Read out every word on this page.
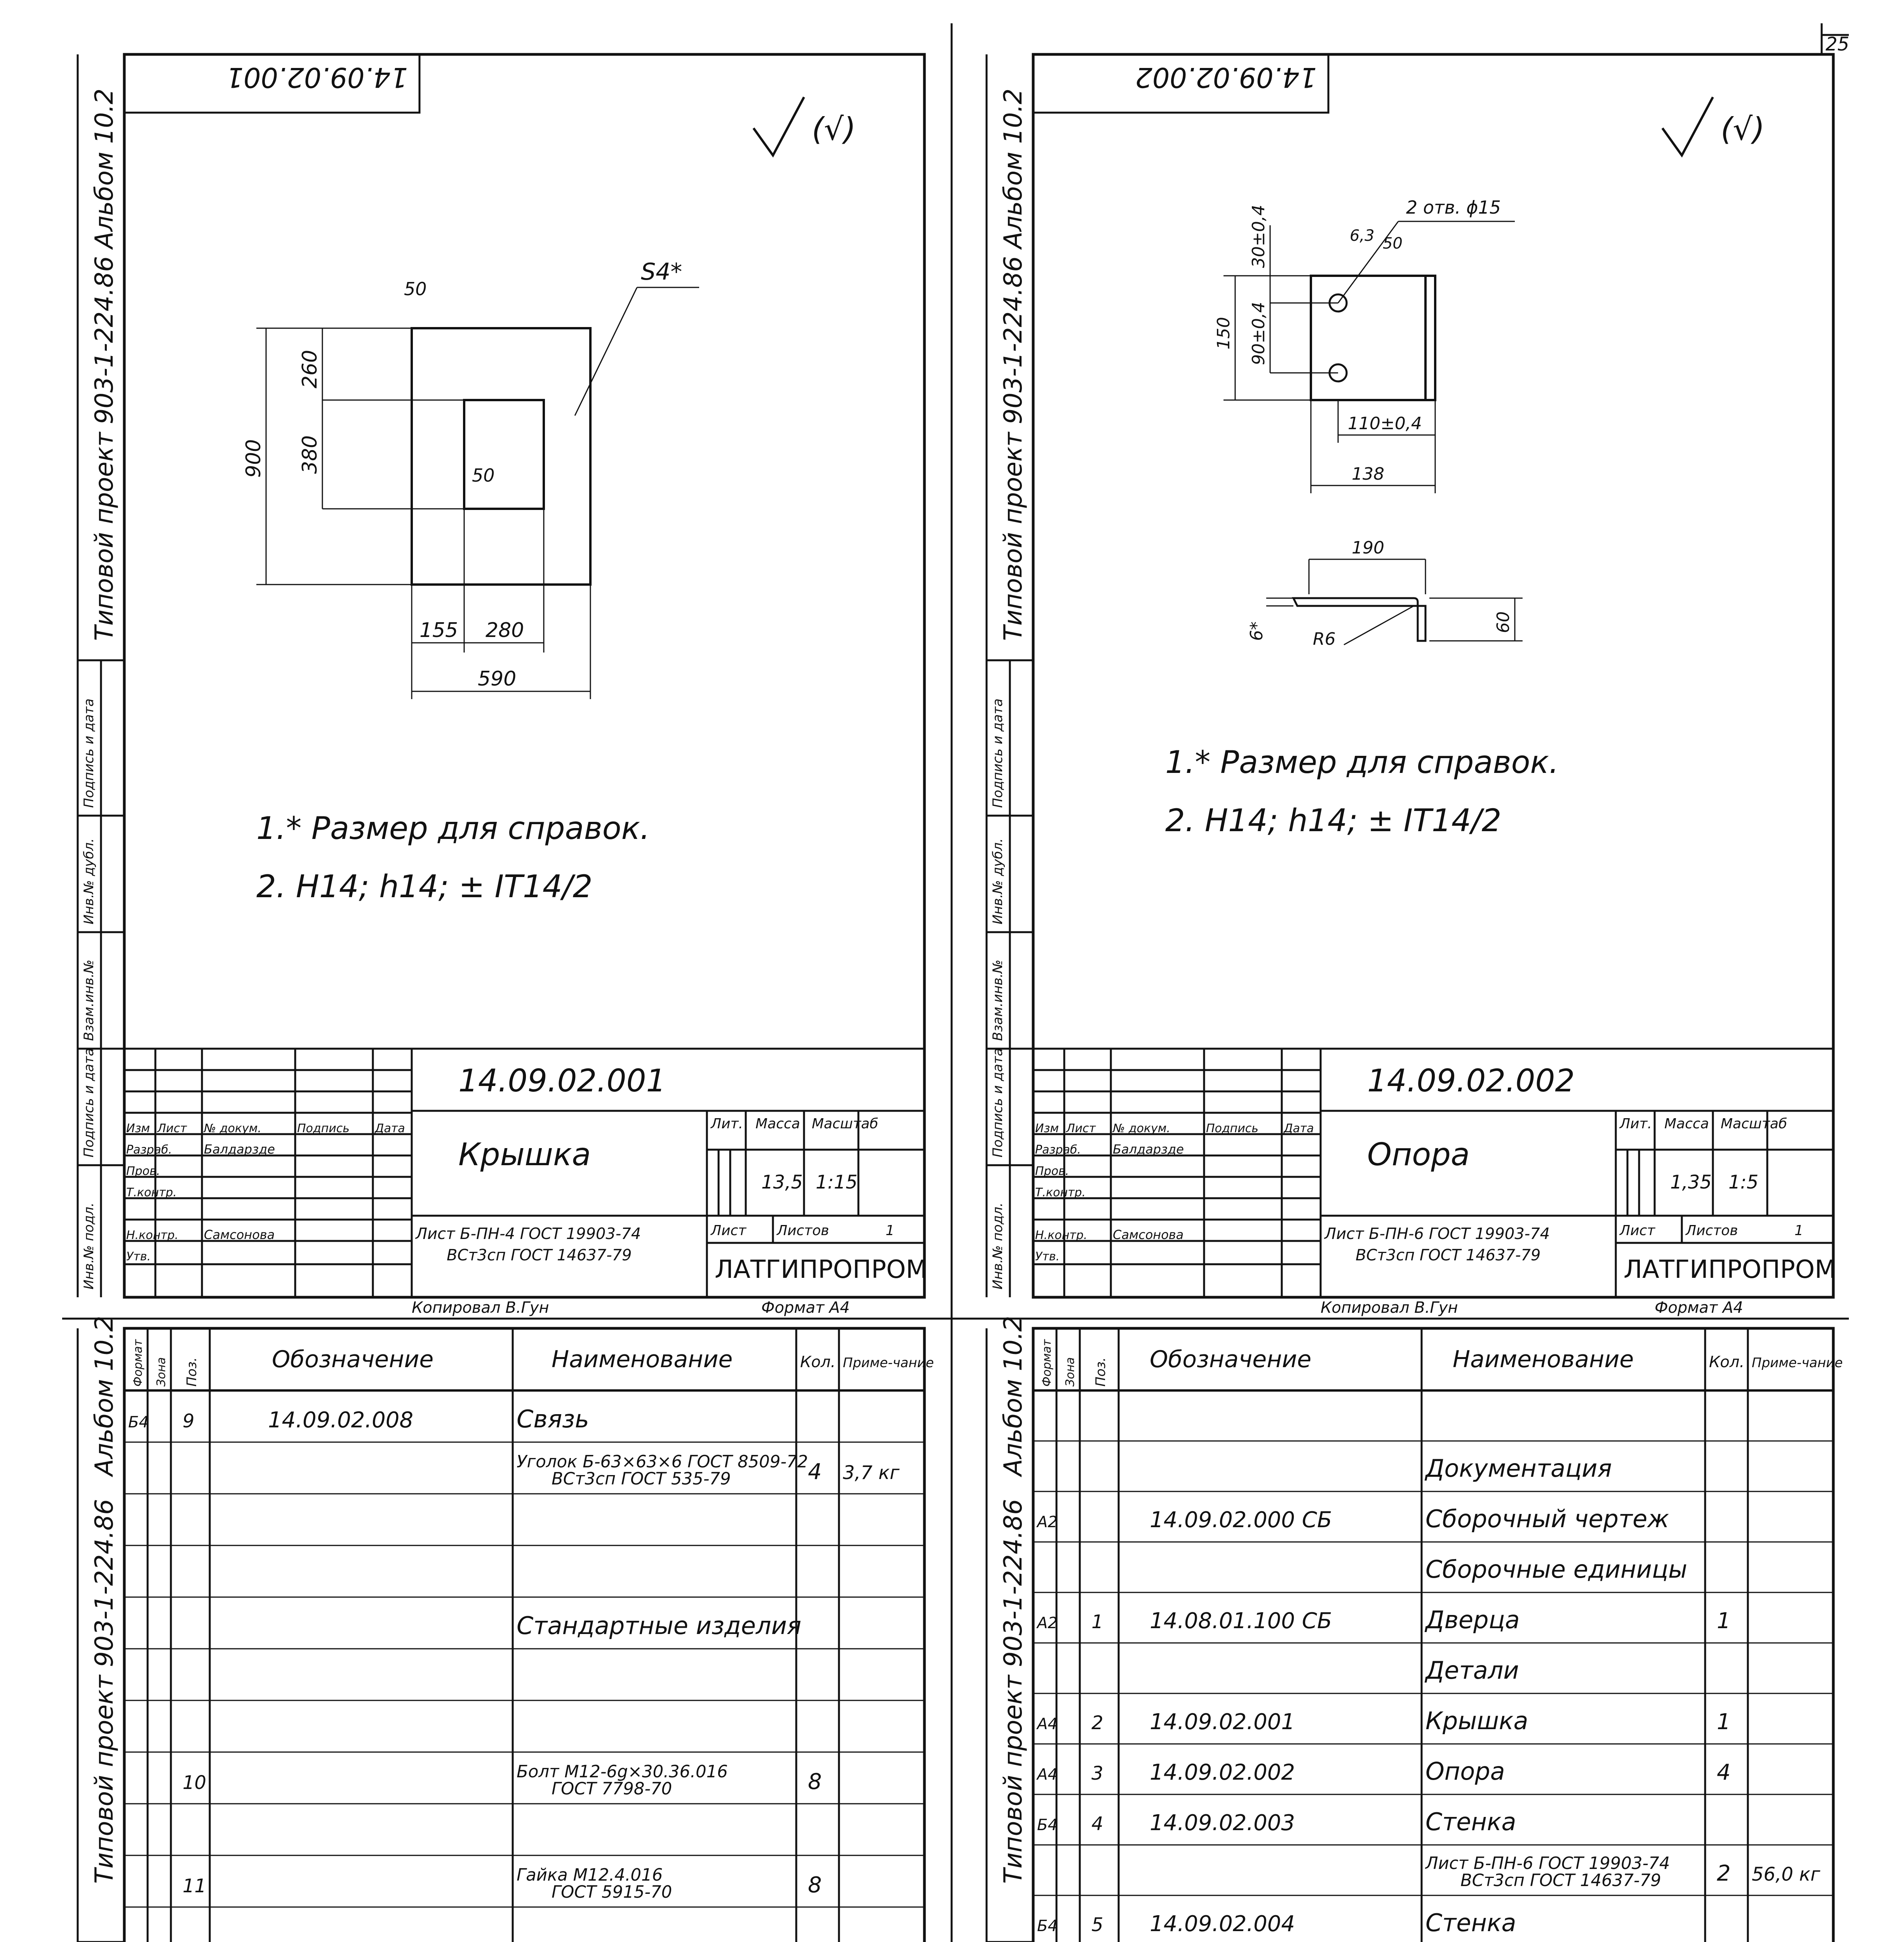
25
Альбом 10.2
Типовой проект 903-1-224.86
Подпись и дата
Инв.№ дубл.
Взам.инв.№
Подпись и дата
Инв.№ подл.
14.09.02.001
(√)
50
50
S4*
900
260
380
155 280
590
1.* Размер для справок.
2. H14; h14; ± IT14/2
14.09.02.001
Крышка
Лит. Масса Масштаб
13,5 1:15
Лист Листов	1
ЛАТГИПРОПРОМ
Лист Б-ПН-4 ГОСТ 19903-74
ВСт3сп ГОСТ 14637-79
Изм Лист № докум.	Подпись Дата
Разраб.	Балдарзде
Пров.
Т.контр.
Н.контр. Самсонова
Утв.
Копировал В.Гун	Формат А4
Альбом 10.2
Типовой проект 903-1-224.86
Подпись и дата
Инв.№ дубл.
Взам.инв.№
Подпись и дата
Инв.№ подл.
14.09.02.002
(√)
2 отв. ϕ15
6,3 50
30±0,4
90±0,4
150
110±0,4
138
190
R6
6*	60
1.* Размер для справок.
2. H14; h14; ± IT14/2
14.09.02.002
Опора
Лит. Масса Масштаб
1,35 1:5
Лист Листов	1
ЛАТГИПРОПРОМ
Лист Б-ПН-6 ГОСТ 19903-74
ВСт3сп ГОСТ 14637-79
Изм Лист № докум.	Подпись Дата
Разраб.	Балдарзде
Пров.
Т.контр.
Н.контр. Самсонова
Утв.
Копировал В.Гун	Формат А4
Альбом 10.2
Типовой проект 903-1-224.86
Формат Зона Поз.	Обозначение	Наименование	Кол. Приме-чание	Альбом 10.2
Типовой проект 903-1-224.86
Формат Зона Поз. Обозначение	Наименование	Кол. Приме-чание
Б4 9	14.09.02.008	Связь
Уголок Б-63×63×6 ГОСТ 8509-72 ВСт3сп ГОСТ 535-79	4 3,7 кг
Стандартные изделия
10	Болт М12-6g×30.36.016 ГОСТ 7798-70	8
11	Гайка М12.4.016 ГОСТ 5915-70	8
Документация
А2	14.09.02.000 СБ	Сборочный чертеж
Сборочные единицы
А2 1 14.08.01.100 СБ	Дверца	1
Детали
А4 2 14.09.02.001	Крышка	1
А4 3 14.09.02.002	Опора	4
Б4 4 14.09.02.003	Стенка
Лист Б-ПН-6 ГОСТ 19903-74 ВСт3сп ГОСТ 14637-79	2 56,0 кг
Б4 5 14.09.02.004	Стенка
